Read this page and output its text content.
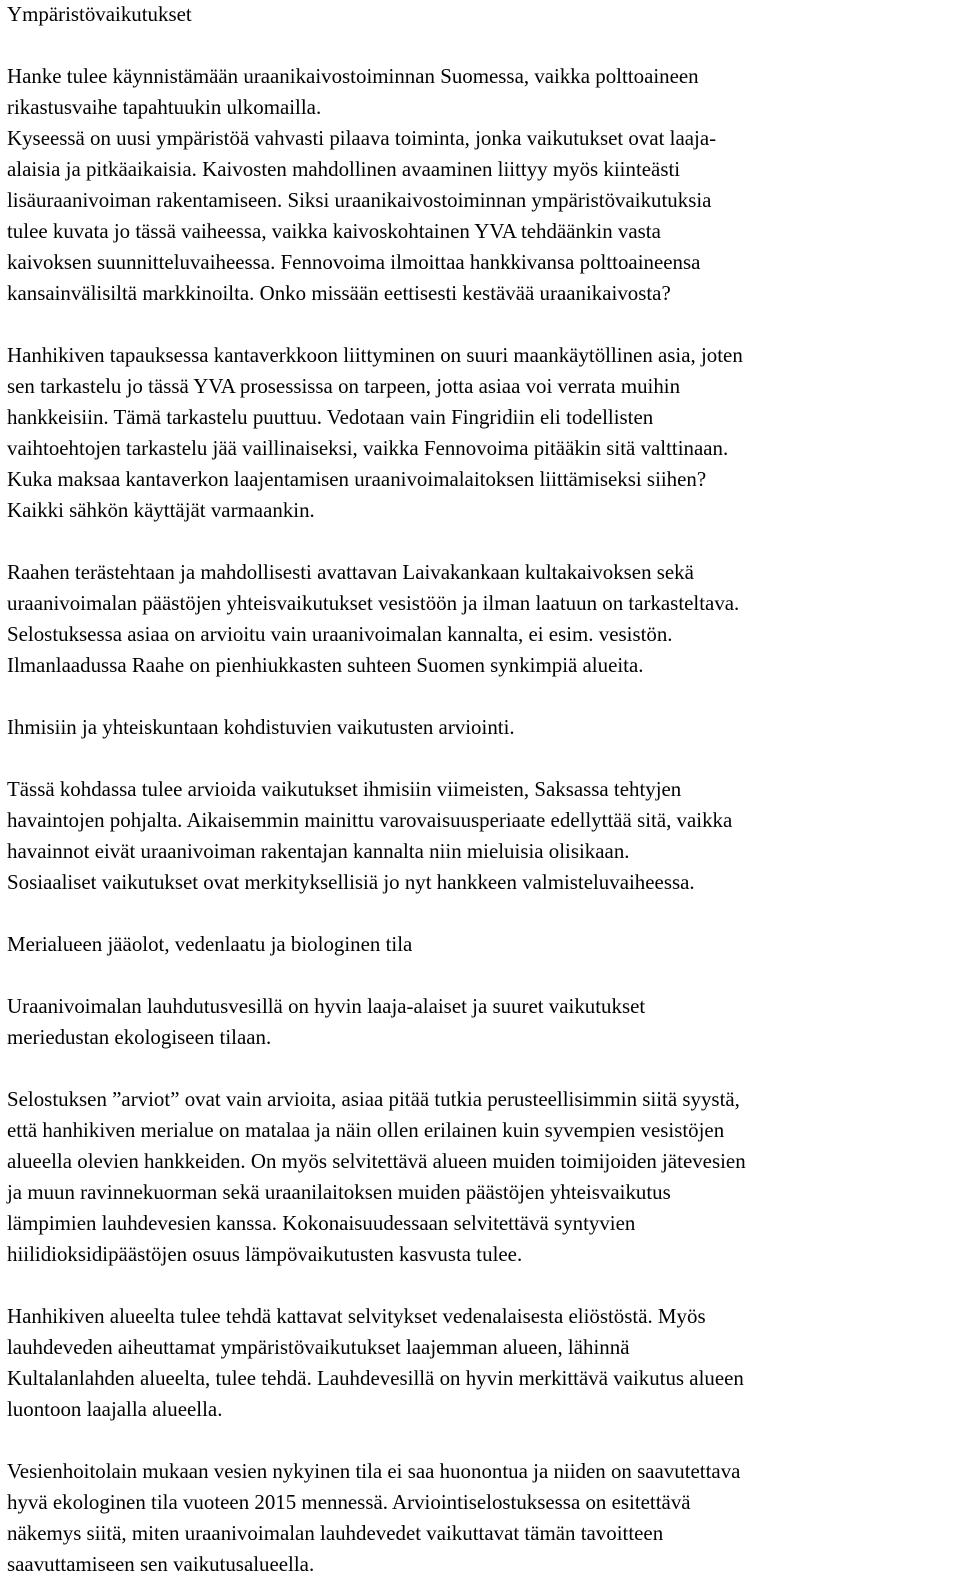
Ympäristövaikutukset

Hanke tulee käynnistämään uraanikaivostoiminnan Suomessa, vaikka polttoaineen
rikastusvaihe tapahtuukin ulkomailla.
Kyseessä on uusi ympäristöä vahvasti pilaava toiminta, jonka vaikutukset ovat laaja-
alaisia ja pitkäaikaisia. Kaivosten mahdollinen avaaminen liittyy myös kiinteästi
lisäuraanivoiman rakentamiseen. Siksi uraanikaivostoiminnan ympäristövaikutuksia
tulee kuvata jo tässä vaiheessa, vaikka kaivoskohtainen YVA tehdäänkin vasta
kaivoksen suunnitteluvaiheessa. Fennovoima ilmoittaa hankkivansa polttoaineensa
kansainvälisiltä markkinoilta. Onko missään eettisesti kestävää uraanikaivosta?
Hanhikiven tapauksessa kantaverkkoon liittyminen on suuri maankäytöllinen asia, joten
sen tarkastelu jo tässä YVA prosessissa on tarpeen, jotta asiaa voi verrata muihin
hankkeisiin. Tämä tarkastelu puuttuu. Vedotaan vain Fingridiin eli todellisten
vaihtoehtojen tarkastelu jää vaillinaiseksi, vaikka Fennovoima pitääkin sitä valttinaan.
Kuka maksaa kantaverkon laajentamisen uraanivoimalaitoksen liittämiseksi siihen?
Kaikki sähkön käyttäjät varmaankin.
Raahen terästehtaan ja mahdollisesti avattavan Laivakankaan kultakaivoksen sekä
uraanivoimalan päästöjen yhteisvaikutukset vesistöön ja ilman laatuun on tarkasteltava.
Selostuksessa asiaa on arvioitu vain uraanivoimalan kannalta, ei esim. vesistön.
Ilmanlaadussa Raahe on pienhiukkasten suhteen Suomen synkimpiä alueita.
Ihmisiin ja yhteiskuntaan kohdistuvien vaikutusten arviointi.
Tässä kohdassa tulee arvioida vaikutukset ihmisiin viimeisten, Saksassa tehtyjen
havaintojen pohjalta. Aikaisemmin mainittu varovaisuusperiaate edellyttää sitä, vaikka
havainnot eivät uraanivoiman rakentajan kannalta niin mieluisia olisikaan.
Sosiaaliset vaikutukset ovat merkityksellisiä jo nyt hankkeen valmisteluvaiheessa.
Merialueen jääolot, vedenlaatu ja biologinen tila
Uraanivoimalan lauhdutusvesillä on hyvin laaja-alaiset ja suuret vaikutukset
meriedustan ekologiseen tilaan.
Selostuksen ”arviot” ovat vain arvioita, asiaa pitää tutkia perusteellisimmin siitä syystä,
että hanhikiven merialue on matalaa ja näin ollen erilainen kuin syvempien vesistöjen
alueella olevien hankkeiden. On myös selvitettävä alueen muiden toimijoiden jätevesien
ja muun ravinnekuorman sekä uraanilaitoksen muiden päästöjen yhteisvaikutus
lämpimien lauhdevesien kanssa. Kokonaisuudessaan selvitettävä syntyvien
hiilidioksidipäästöjen osuus lämpövaikutusten kasvusta tulee.
Hanhikiven alueelta tulee tehdä kattavat selvitykset vedenalaisesta eliöstöstä. Myös
lauhdeveden aiheuttamat ympäristövaikutukset laajemman alueen, lähinnä
Kultalanlahden alueelta, tulee tehdä. Lauhdevesillä on hyvin merkittävä vaikutus alueen
luontoon laajalla alueella.
Vesienhoitolain mukaan vesien nykyinen tila ei saa huonontua ja niiden on saavutettava
hyvä ekologinen tila vuoteen 2015 mennessä. Arviointiselostuksessa on esitettävä
näkemys siitä, miten uraanivoimalan lauhdevedet vaikuttavat tämän tavoitteen
saavuttamiseen sen vaikutusalueella.
